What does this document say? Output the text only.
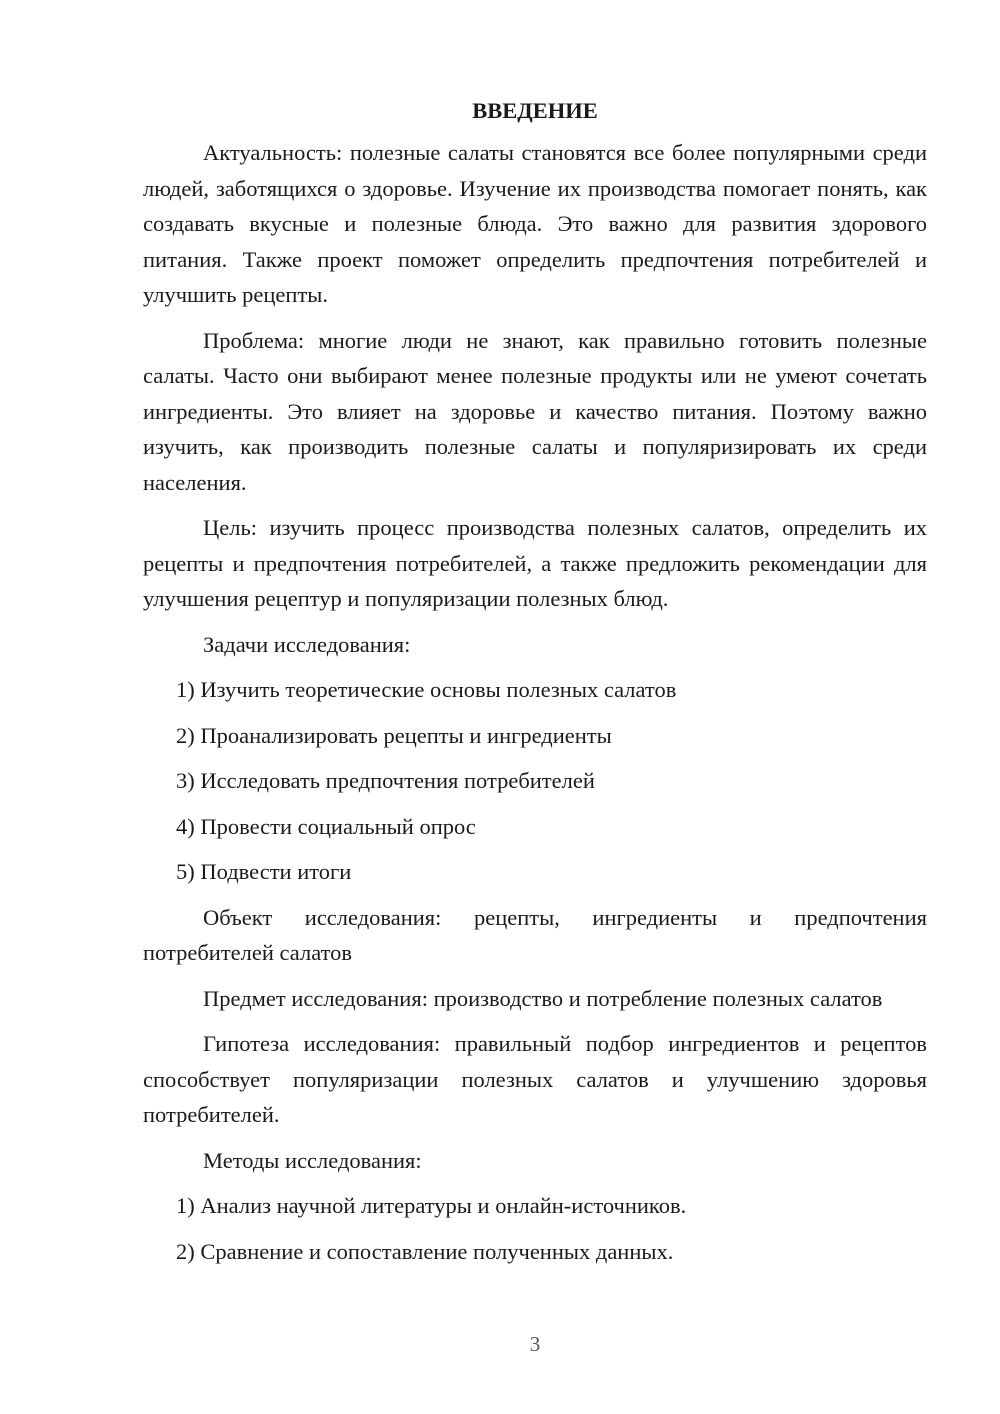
ВВЕДЕНИЕ

Актуальность: полезные салаты становятся все более популярными среди людей, заботящихся о здоровье. Изучение их производства помогает понять, как создавать вкусные и полезные блюда. Это важно для развития здорового питания. Также проект поможет определить предпочтения потребителей и улучшить рецепты.

Проблема: многие люди не знают, как правильно готовить полезные салаты. Часто они выбирают менее полезные продукты или не умеют сочетать ингредиенты. Это влияет на здоровье и качество питания. Поэтому важно изучить, как производить полезные салаты и популяризировать их среди населения.

Цель: изучить процесс производства полезных салатов, определить их рецепты и предпочтения потребителей, а также предложить рекомендации для улучшения рецептур и популяризации полезных блюд.

Задачи исследования:

1) Изучить теоретические основы полезных салатов

2) Проанализировать рецепты и ингредиенты

3) Исследовать предпочтения потребителей

4) Провести социальный опрос

5) Подвести итоги

Объект исследования: рецепты, ингредиенты и предпочтения потребителей салатов

Предмет исследования: производство и потребление полезных салатов

Гипотеза исследования: правильный подбор ингредиентов и рецептов способствует популяризации полезных салатов и улучшению здоровья потребителей.

Методы исследования:

1) Анализ научной литературы и онлайн-источников.

2) Сравнение и сопоставление полученных данных.

3
